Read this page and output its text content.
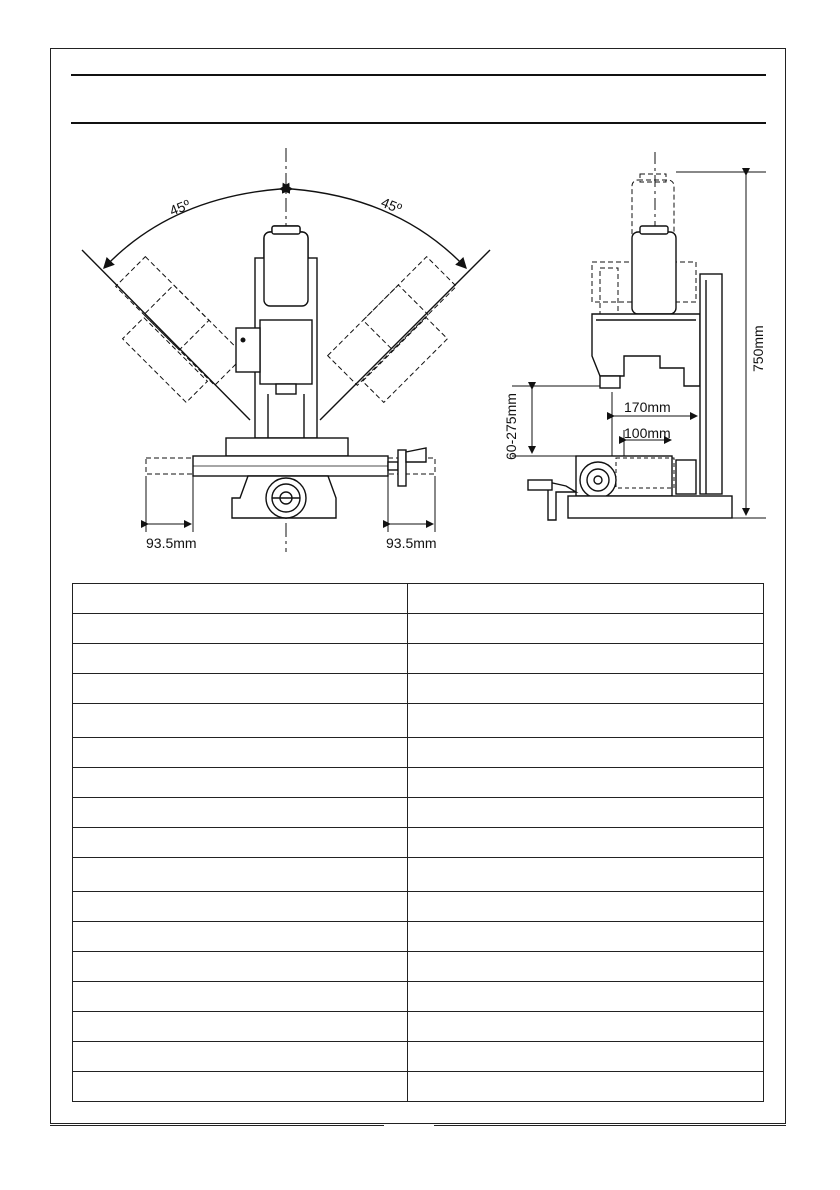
45º	45º
93.5mm	93.5mm
60-275mm	170mm
100mm
750mm
